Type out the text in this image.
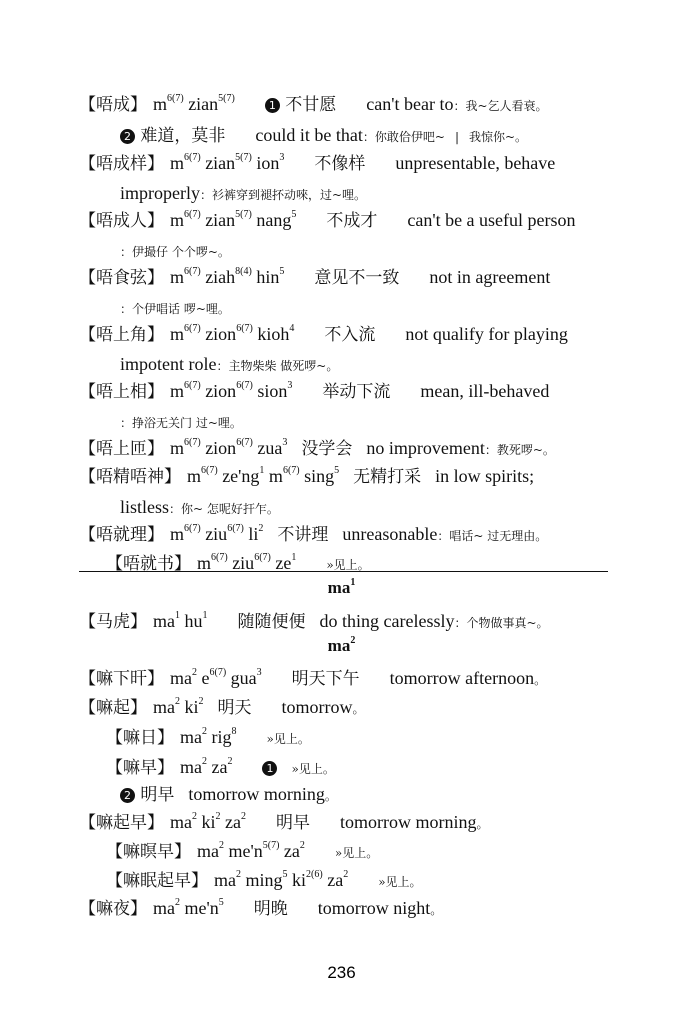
【唔成】 $m^{6(7)}$ zian$^{5(7)}$1 不甘愿 can't bear to：我~乞人看衰。
2 难道，莫非 could it be that：你敢佮伊吧~ | 我惊你~。
【唔成样】 $m^{6(7)}$ zian$^{5(7)}$ ion$^3$ 不像样 unpresentable, behave
improperly：衫裤穿到褪抔动唻，过~哩。
【唔成人】 $m^{6(7)}$ zian$^{5(7)}$ nang$^5$ 不成才 can't be a useful person
：伊撮仔 个个啰~。
【唔食弦】 $m^{6(7)}$ ziah$^{8(4)}$ hin$^5$ 意见不一致 not in agreement
：个伊唱话 啰~哩。
【唔上角】 $m^{6(7)}$ zion$^{6(7)}$ kioh$^4$ 不入流 not qualify for playing
impotent role：主物柴柴 做死啰~。
【唔上相】 $m^{6(7)}$ zion$^{6(7)}$ sion$^3$ 举动下流 mean, ill-behaved
：挣浴无关门 过~哩。
【唔上匝】 $m^{6(7)}$ zion$^{6(7)}$ zua$^3$ 没学会 no improvement：教死啰~。
【唔精唔神】 $m^{6(7)}$ $ze'ng^1$ $m^{6(7)}$ sing$^5$ 无精打采 in low spirits;
listless：你~ 怎呢好扞乍。
【唔就理】 $m^{6(7)}$ ziu$^{6(7)}$ $li^2$ 不讲理 unreasonable：唱话~ 过无理由。
【唔就书】 $m^{6(7)}$ ziu$^{6(7)}$ $ze^1$»见上。
【马虎】 $ma^1$ $hu^1$ 随随便便 do thing carelessly：个物做事真~。
【嘛下旰】 $ma^2$ $e^{6(7)}$ gua$^3$ 明天下午 tomorrow afternoon。
【嘛起】 $ma^2$ $ki^2$ 明天 tomorrow。
【嘛日】 $ma^2$ rig$^8$»见上。
【嘛早】 $ma^2$ $za^21$ »见上。
2 明早 tomorrow morning。
【嘛起早】 $ma^2$ $ki^2$ $za^2$ 明早 tomorrow morning。
【嘛暝早】 $ma^2$ $me'n^{5(7)}$ $za^2$»见上。
【嘛眠起早】 $ma^2$ ming$^5$ $ki^{2(6)}$ $za^2$»见上。
【嘛夜】 $ma^2$ $me'n^5$ 明晚 tomorrow night。
$ma^1$
$ma^2$
236
